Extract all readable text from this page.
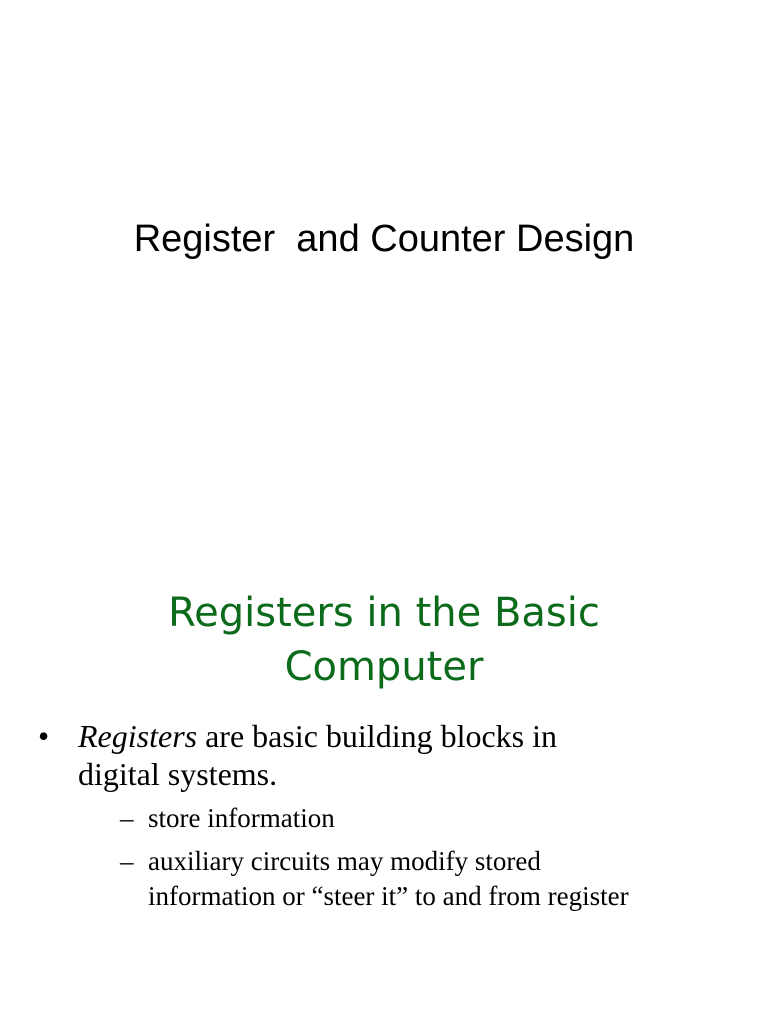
Register  and Counter Design
Registers in the Basic
Computer
• Registers are basic building blocks in
digital systems.
– store information
– auxiliary circuits may modify stored
information or “steer it” to and from register
